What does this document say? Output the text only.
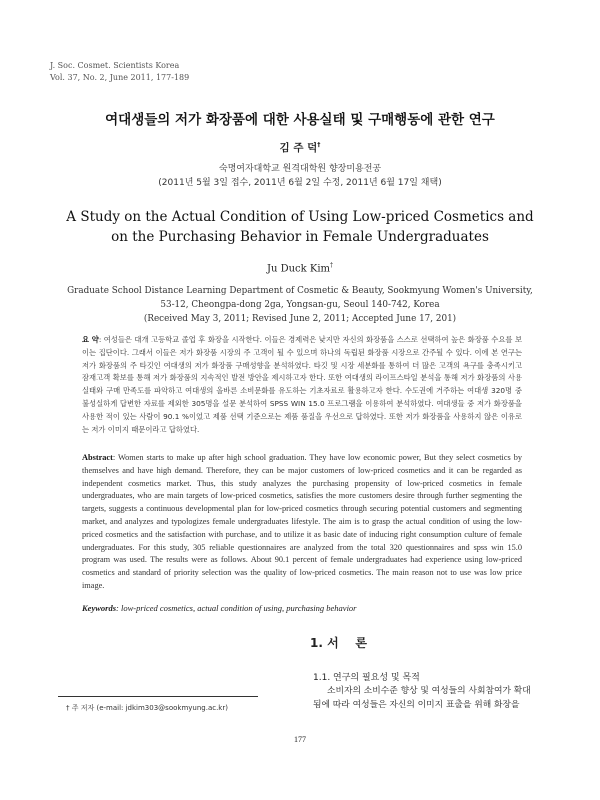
J. Soc. Cosmet. Scientists Korea
Vol. 37, No. 2, June 2011, 177-189
여대생들의 저가 화장품에 대한 사용실태 및 구매행동에 관한 연구
김 주 덕†
숙명여자대학교 원격대학원 향장미용전공
(2011년 5월 3일 접수, 2011년 6월 2일 수정, 2011년 6월 17일 채택)
A Study on the Actual Condition of Using Low-priced Cosmetics and
on the Purchasing Behavior in Female Undergraduates
Ju Duck Kim†
Graduate School Distance Learning Department of Cosmetic & Beauty, Sookmyung Women's University,
53-12, Cheongpa-dong 2ga, Yongsan-gu, Seoul 140-742, Korea
(Received May 3, 2011; Revised June 2, 2011; Accepted June 17, 201)
요 약: 여성들은 대개 고등학교 졸업 후 화장을 시작한다. 이들은 경제력은 낮지만 자신의 화장품을 스스로 선택하여 높은 화장품 수요를 보이는 집단이다. 그래서 이들은 저가 화장품 시장의 주 고객이 될 수 있으며 하나의 독립된 화장품 시장으로 간주될 수 있다. 이에 본 연구는 저가 화장품의 주 타깃인 여대생의 저가 화장품 구매성향을 분석하였다. 타깃 및 시장 세분화를 통하여 더 많은 고객의 욕구를 충족시키고 잠재고객 확보를 통해 저가 화장품의 지속적인 발전 방안을 제시하고자 한다. 또한 여대생의 라이프스타일 분석을 통해 저가 화장품의 사용실태와 구매 만족도를 파악하고 여대생의 올바른 소비문화를 유도하는 기초자료로 활용하고자 한다. 수도권에 거주하는 여대생 320명 중 불성실하게 답변한 자료를 제외한 305명을 설문 분석하여 SPSS WIN 15.0 프로그램을 이용하여 분석하였다. 여대생들 중 저가 화장품을 사용한 적이 있는 사람이 90.1 %이었고 제품 선택 기준으로는 제품 품질을 우선으로 답하였다. 또한 저가 화장품을 사용하지 않은 이유로는 저가 이미지 때문이라고 답하였다.
Abstract: Women starts to make up after high school graduation. They have low economic power, But they select cosmetics by themselves and have high demand. Therefore, they can be major customers of low-priced cosmetics and it can be regarded as independent cosmetics market. Thus, this study analyzes the purchasing propensity of low-priced cosmetics in female undergraduates, who are main targets of low-priced cosmetics, satisfies the more customers desire through further segmenting the targets, suggests a continuous developmental plan for low-priced cosmetics through securing potential customers and segmenting market, and analyzes and typologizes female undergraduates lifestyle. The aim is to grasp the actual condition of using the low-priced cosmetics and the satisfaction with purchase, and to utilize it as basic date of inducing right consumption culture of female undergraduates. For this study, 305 reliable questionnaires are analyzed from the total 320 questionnaires and spss win 15.0 program was used. The results were as follows. About 90.1 percent of female undergraduates had experience using low-priced cosmetics and standard of priority selection was the quality of low-priced cosmetics. The main reason not to use was low price image.
Keywords: low-priced cosmetics, actual condition of using, purchasing behavior
1. 서    론
1.1. 연구의 필요성 및 목적
소비자의 소비수준 향상 및 여성들의 사회참여가 확대
됨에 따라 여성들은 자신의 이미지 표출을 위해 화장을
† 주 저자 (e-mail: jdkim303@sookmyung.ac.kr)
177
